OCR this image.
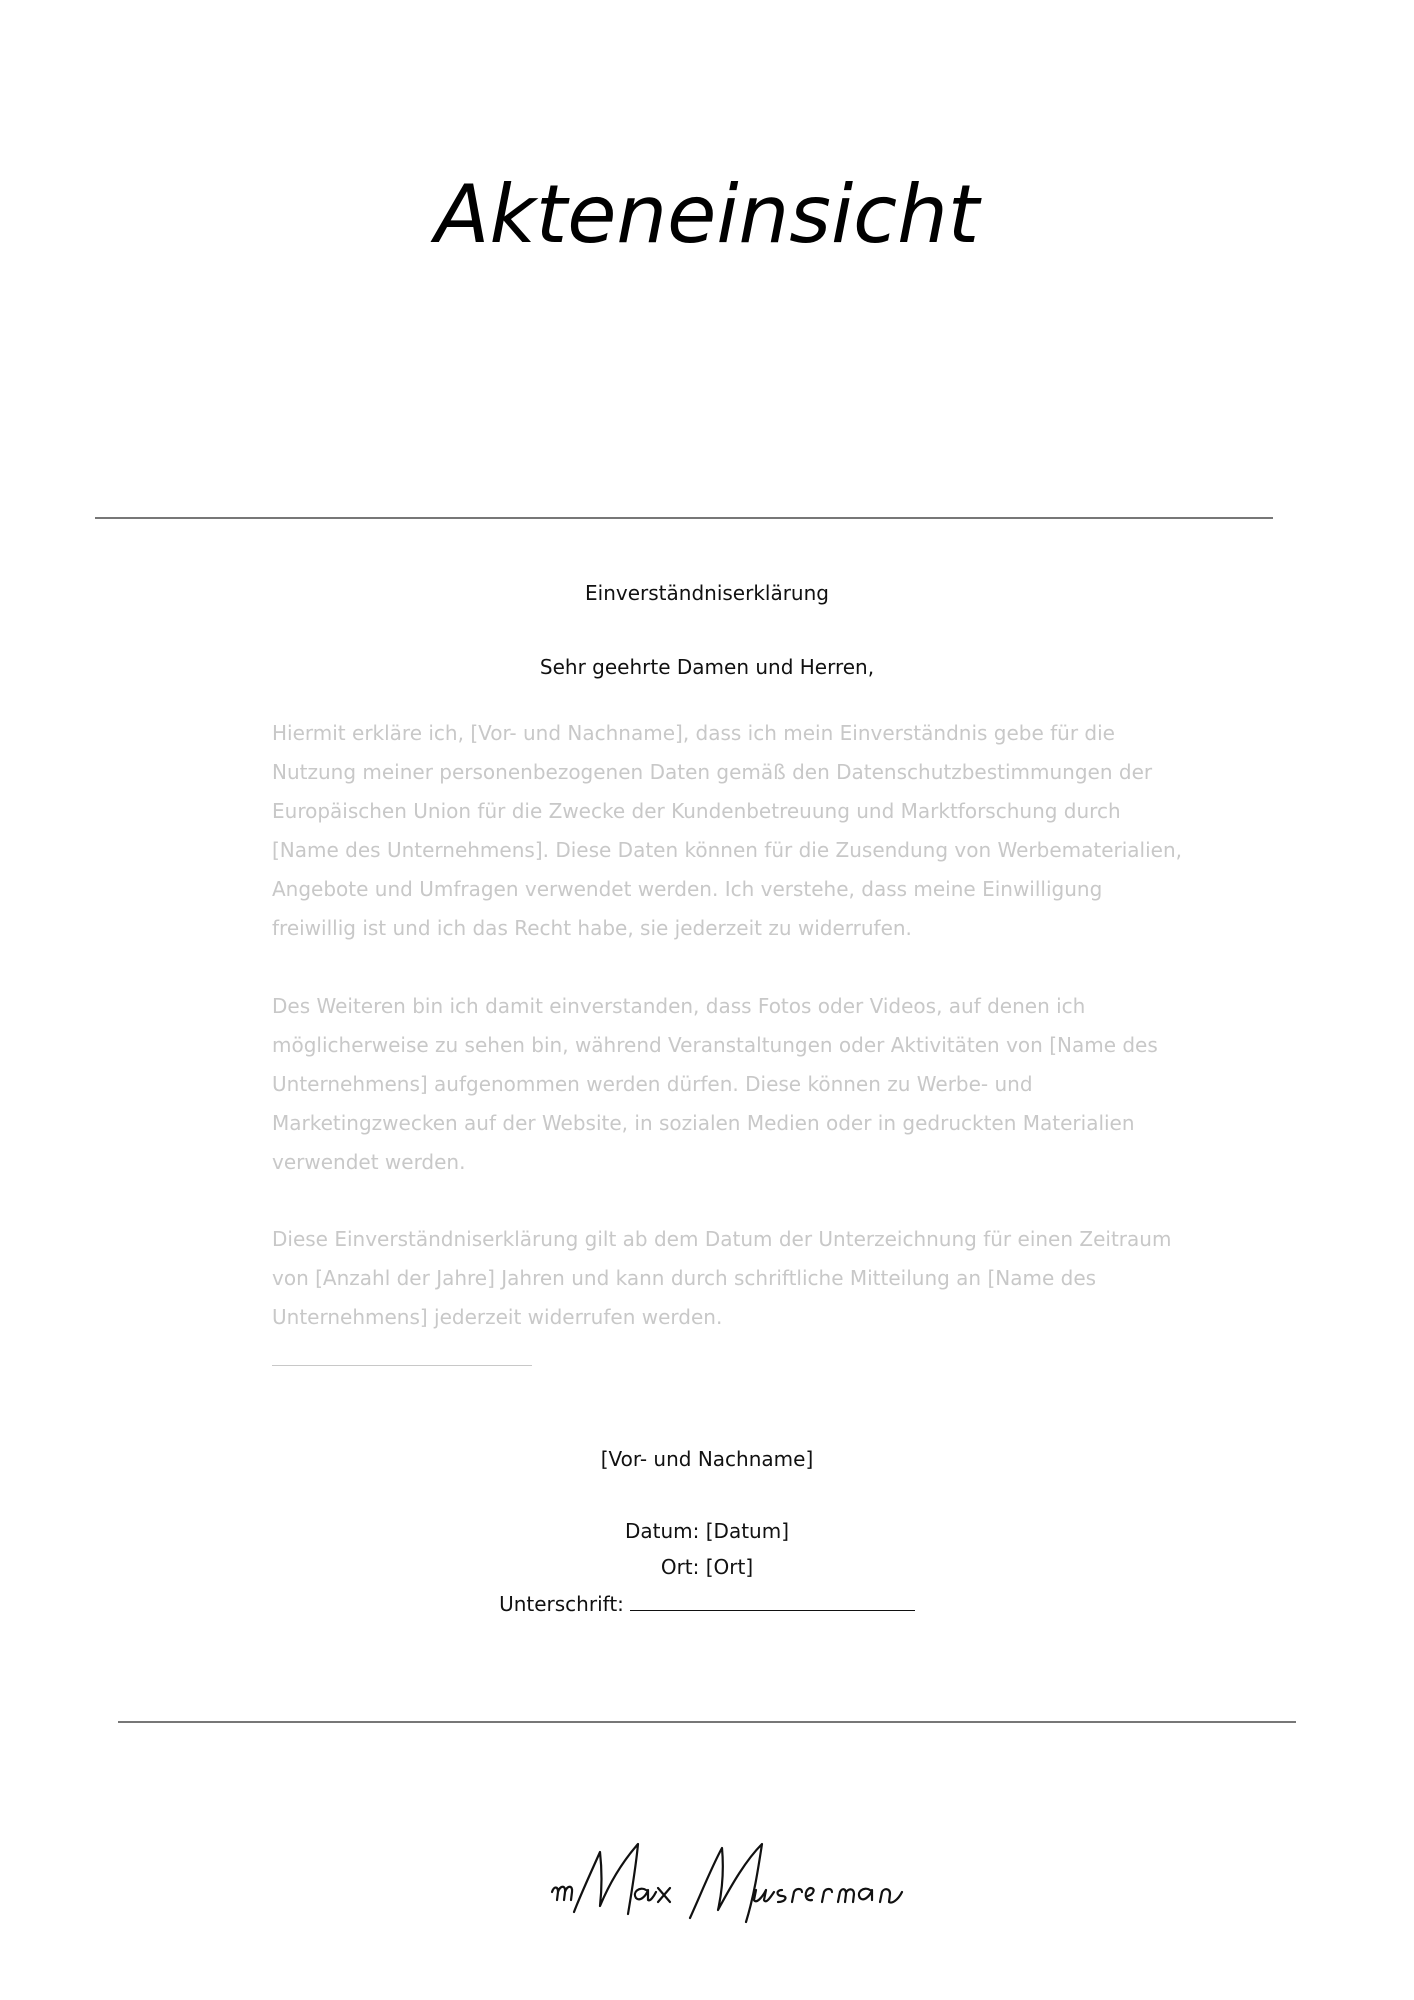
Akteneinsicht
Einverständniserklärung
Sehr geehrte Damen und Herren,

Hiermit erkläre ich, [Vor- und Nachname], dass ich mein Einverständnis gebe für die Nutzung meiner personenbezogenen Daten gemäß den Datenschutzbestimmungen der Europäischen Union für die Zwecke der Kundenbetreuung und Marktforschung durch [Name des Unternehmens]. Diese Daten können für die Zusendung von Werbematerialien, Angebote und Umfragen verwendet werden. Ich verstehe, dass meine Einwilligung freiwillig ist und ich das Recht habe, sie jederzeit zu widerrufen.

Des Weiteren bin ich damit einverstanden, dass Fotos oder Videos, auf denen ich möglicherweise zu sehen bin, während Veranstaltungen oder Aktivitäten von [Name des Unternehmens] aufgenommen werden dürfen. Diese können zu Werbe- und Marketingzwecken auf der Website, in sozialen Medien oder in gedruckten Materialien verwendet werden.

Diese Einverständniserklärung gilt ab dem Datum der Unterzeichnung für einen Zeitraum von [Anzahl der Jahre] Jahren und kann durch schriftliche Mitteilung an [Name des Unternehmens] jederzeit widerrufen werden.

[Vor- und Nachname]
Datum: [Datum]
Ort: [Ort]
Unterschrift:
